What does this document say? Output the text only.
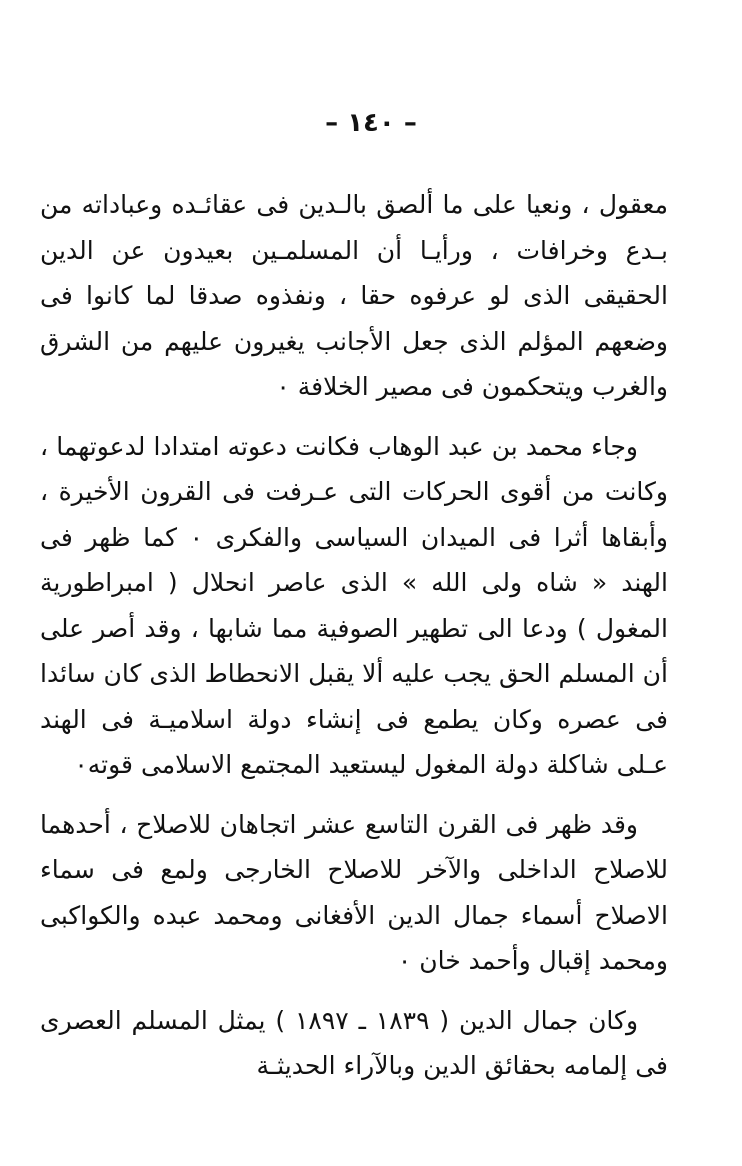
– ١٤٠ –

معقول ، ونعيا على ما ألصق بالـدين فى عقائـده وعباداته من بـدع وخرافات ، ورأيـا أن المسلمـين بعيدون عن الدين الحقيقى الذى لو عرفوه حقا ، ونفذوه صدقا لما كانوا فى وضعهم المؤلم الذى جعل الأجانب يغيرون عليهم من الشرق والغرب ويتحكمون فى مصير الخلافة ٠

وجاء محمد بن عبد الوهاب فكانت دعوته امتدادا لدعوتهما ، وكانت من أقوى الحركات التى عـرفت فى القرون الأخيرة ، وأبقاها أثرا فى الميدان السياسى والفكرى ٠ كما ظهر فى الهند « شاه ولى الله » الذى عاصر انحلال ( امبراطورية المغول ) ودعا الى تطهير الصوفية مما شابها ، وقد أصر على أن المسلم الحق يجب عليه ألا يقبل الانحطاط الذى كان سائدا فى عصره وكان يطمع فى إنشاء دولة اسلاميـة فى الهند عـلى شاكلة دولة المغول ليستعيد المجتمع الاسلامى قوته٠

وقد ظهر فى القرن التاسع عشر اتجاهان للاصلاح ، أحدهما للاصلاح الداخلى والآخر للاصلاح الخارجى ولمع فى سماء الاصلاح أسماء جمال الدين الأفغانى ومحمد عبده والكواكبى ومحمد إقبال وأحمد خان ٠

وكان جمال الدين ( ١٨٣٩ ـ ١٨٩٧ ) يمثل المسلم العصرى فى إلمامه بحقائق الدين وبالآراء الحديثـة
